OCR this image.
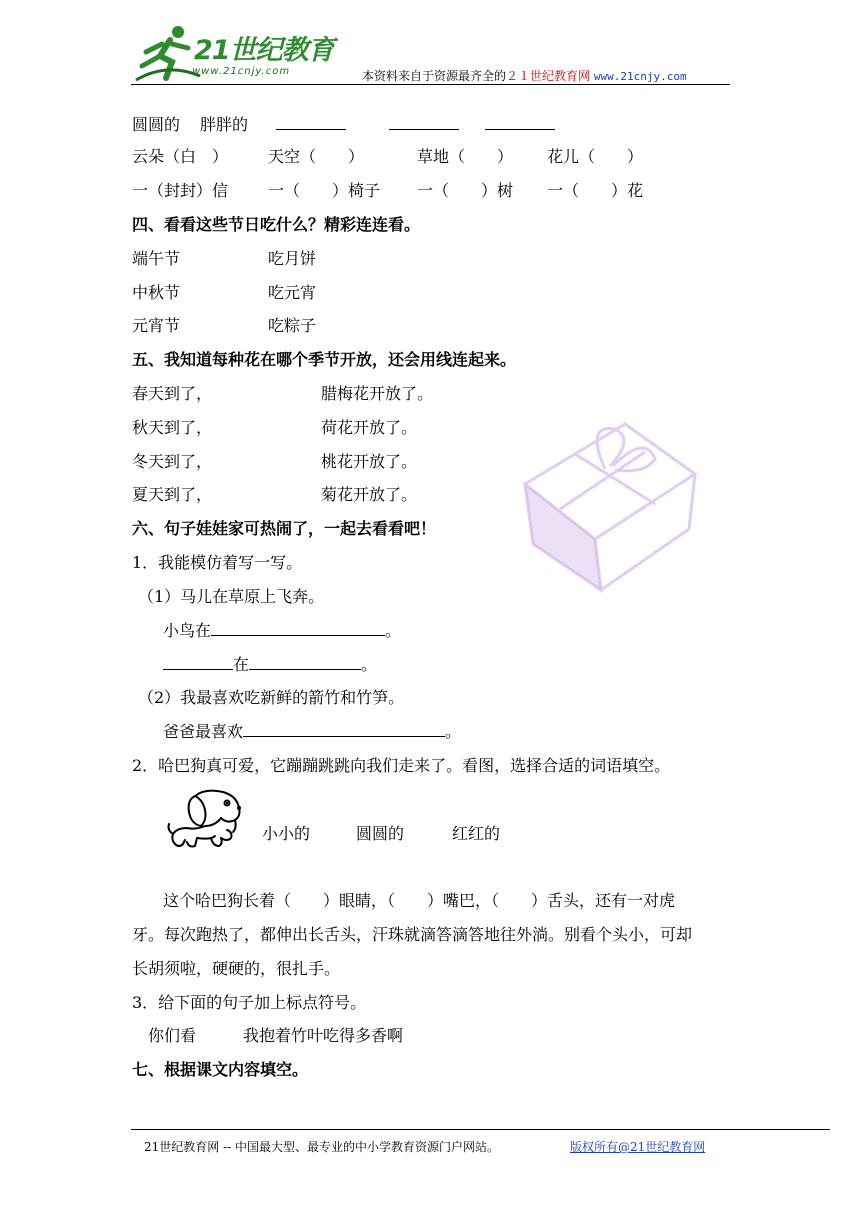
21世纪教育
www.21cnjy.com	本资料来自于资源最齐全的２１世纪教育网 www.21cnjy.com
圆圆的 胖胖的
云朵（白　） 天空（　　）	草地（　　） 花儿（　　）
一（封封）信 一（　　）椅子 一（　　）树 一（　　）花
四、看看这些节日吃什么？精彩连连看。
端午节	吃月饼
中秋节	吃元宵
元宵节	吃粽子
五、我知道每种花在哪个季节开放，还会用线连起来。
春天到了，	腊梅花开放了。
秋天到了，	荷花开放了。
冬天到了，	桃花开放了。
夏天到了，	菊花开放了。
六、句子娃娃家可热闹了，一起去看看吧！
1．我能模仿着写一写。
（1）马儿在草原上飞奔。
小鸟在	。
在	。
（2）我最喜欢吃新鲜的箭竹和竹笋。
爸爸最喜欢	。
2．哈巴狗真可爱，它蹦蹦跳跳向我们走来了。看图，选择合适的词语填空。
小小的	圆圆的	红红的
这个哈巴狗长着（　　）眼睛，（　　）嘴巴，（　　）舌头，还有一对虎
牙。每次跑热了，都伸出长舌头，汗珠就滴答滴答地往外淌。别看个头小，可却
长胡须啦，硬硬的，很扎手。
3．给下面的句子加上标点符号。
你们看	我抱着竹叶吃得多香啊
七、根据课文内容填空。
21世纪教育网 -- 中国最大型、最专业的中小学教育资源门户网站。	版权所有@21世纪教育网
